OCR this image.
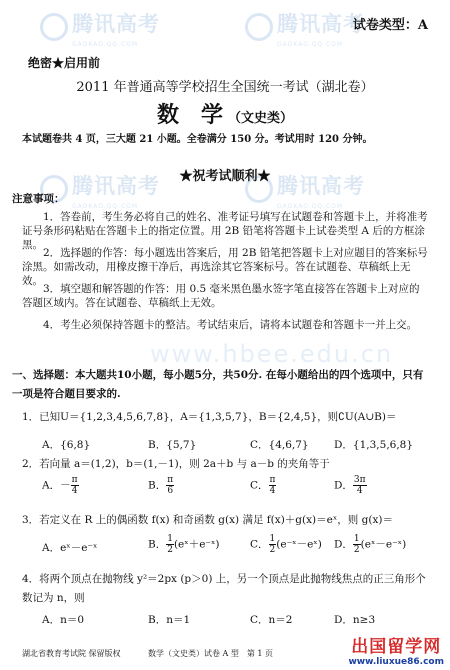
腾讯高考
GAOKAO.QQ.COM
腾讯高考
GAOKAO.QQ.COM
腾讯高考
GAOKAO.QQ.COM
腾讯高考
GAOKAO.QQ.COM
www.hbee.edu.cn
试卷类型：A
绝密★启用前
2011 年普通高等学校招生全国统一考试（湖北卷）
数　学 （文史类）
本试题卷共 4 页，三大题 21 小题。全卷满分 150 分。考试用时 120 分钟。
★祝考试顺利★
注意事项：
1．答卷前，考生务必将自己的姓名、准考证号填写在试题卷和答题卡上，并将准考证号条形码粘贴在答题卡上的指定位置。用 2B 铅笔将答题卡上试卷类型 A 后的方框涂黑。
2．选择题的作答：每小题选出答案后，用 2B 铅笔把答题卡上对应题目的答案标号涂黑。如需改动，用橡皮擦干净后，再选涂其它答案标号。答在试题卷、草稿纸上无效。
3．填空题和解答题的作答：用 0.5 毫米黑色墨水签字笔直接答在答题卡上对应的答题区域内。答在试题卷、草稿纸上无效。
4．考生必须保持答题卡的整洁。考试结束后，请将本试题卷和答题卡一并上交。
一、选择题：本大题共10小题，每小题5分，共50分. 在每小题给出的四个选项中，只有一项是符合题目要求的.
1．已知U＝{1,2,3,4,5,6,7,8}，A＝{1,3,5,7}，B＝{2,4,5}，则∁U(A∪B)＝
A．{6,8}	B．{5,7}	C．{4,6,7} D．{1,3,5,6,8}
2．若向量 a＝(1,2)，b＝(1,－1)，则 2a＋b 与 a－b 的夹角等于
A．－ $\frac{\pi}{4}$	B． $\frac{\pi}{6}$	C． $\frac{\pi}{4}$	D． $\frac{3\pi}{4}$
3．若定义在 R 上的偶函数 f(x) 和奇函数 g(x) 满足 f(x)＋g(x)＝eˣ，则 g(x)＝
A．eˣ－e⁻ˣ	B． $\frac{1}{2}$ (eˣ＋e⁻ˣ)	C． $\frac{1}{2}$ (e⁻ˣ－eˣ) D． $\frac{1}{2}$ (eˣ－e⁻ˣ)
4．将两个顶点在抛物线 y²＝2px (p＞0) 上，另一个顶点是此抛物线焦点的正三角形个数记为 n，则
A．n＝0	B．n＝1	C．n＝2	D．n≥3
湖北省教育考试院 保留版权	数学（文史类）试卷 A 型　第 1 页	出国留学网
www.liuxue86.com
